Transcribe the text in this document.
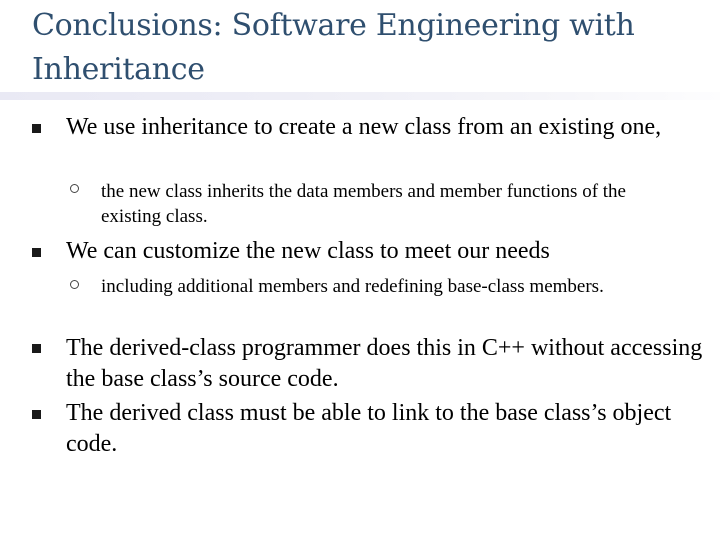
Conclusions: Software Engineering with Inheritance

We use inheritance to create a new class from an existing one,

the new class inherits the data members and member functions of the existing class.

We can customize the new class to meet our needs

including additional members and redefining base-class members.

The derived-class programmer does this in C++ without accessing the base class’s source code.

The derived class must be able to link to the base class’s object code.
